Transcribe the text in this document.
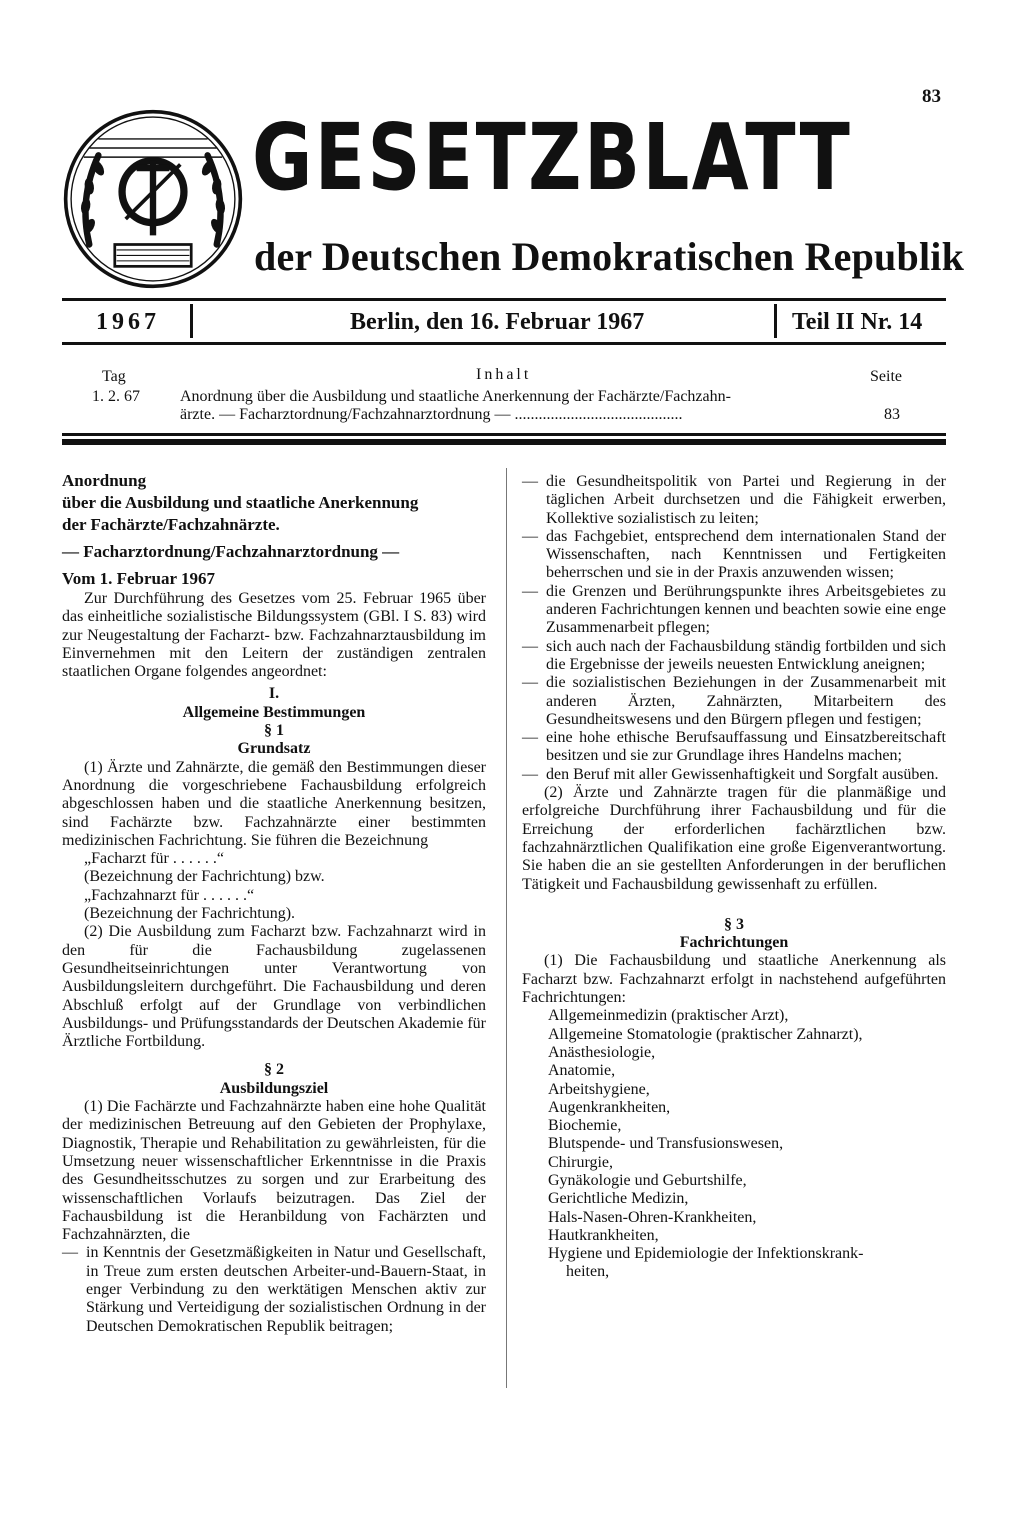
83
GESETZBLATT
der Deutschen Demokratischen Republik
1967	Berlin, den 16. Februar 1967	Teil II Nr. 14
Tag	Inhalt	Seite
1. 2. 67	Anordnung über die Ausbildung und staatliche Anerkennung der Fachärzte/Fachzahn-
ärzte. — Facharztordnung/Fachzahnarztordnung — ..........................................	83

Anordnung

über die Ausbildung und staatliche Anerkennung

der Fachärzte/Fachzahnärzte.

— Facharztordnung/Fachzahnarztordnung —

Vom 1. Februar 1967

Zur Durchführung des Gesetzes vom 25. Februar 1965 über das einheitliche sozialistische Bildungssystem (GBl. I S. 83) wird zur Neugestaltung der Facharzt- bzw. Fachzahnarztausbildung im Einvernehmen mit den Leitern der zuständigen zentralen staatlichen Organe folgendes angeordnet:

I.

Allgemeine Bestimmungen

§ 1

Grundsatz

(1) Ärzte und Zahnärzte, die gemäß den Bestimmungen dieser Anordnung die vorgeschriebene Fachausbildung erfolgreich abgeschlossen haben und die staatliche Anerkennung besitzen, sind Fachärzte bzw. Fachzahnärzte einer bestimmten medizinischen Fachrichtung. Sie führen die Bezeichnung

„Facharzt für . . . . . .“

(Bezeichnung der Fachrichtung) bzw.

„Fachzahnarzt für . . . . . .“

(Bezeichnung der Fachrichtung).

(2) Die Ausbildung zum Facharzt bzw. Fachzahnarzt wird in den für die Fachausbildung zugelassenen Gesundheitseinrichtungen unter Verantwortung von Ausbildungsleitern durchgeführt. Die Fachausbildung und deren Abschluß erfolgt auf der Grundlage von verbindlichen Ausbildungs- und Prüfungsstandards der Deutschen Akademie für Ärztliche Fortbildung.

§ 2

Ausbildungsziel

(1) Die Fachärzte und Fachzahnärzte haben eine hohe Qualität der medizinischen Betreuung auf den Gebieten der Prophylaxe, Diagnostik, Therapie und Rehabilitation zu gewährleisten, für die Umsetzung neuer wissenschaftlicher Erkenntnisse in die Praxis des Gesundheitsschutzes zu sorgen und zur Erarbeitung des wissenschaftlichen Vorlaufs beizutragen. Das Ziel der Fachausbildung ist die Heranbildung von Fachärzten und Fachzahnärzten, die

— in Kenntnis der Gesetzmäßigkeiten in Natur und Gesellschaft, in Treue zum ersten deutschen Arbeiter-und-Bauern-Staat, in enger Verbindung zu den werktätigen Menschen aktiv zur Stärkung und Verteidigung der sozialistischen Ordnung in der Deutschen Demokratischen Republik beitragen;
— die Gesundheitspolitik von Partei und Regierung in der täglichen Arbeit durchsetzen und die Fähigkeit erwerben, Kollektive sozialistisch zu leiten;
— das Fachgebiet, entsprechend dem internationalen Stand der Wissenschaften, nach Kenntnissen und Fertigkeiten beherrschen und sie in der Praxis anzuwenden wissen;
— die Grenzen und Berührungspunkte ihres Arbeitsgebietes zu anderen Fachrichtungen kennen und beachten sowie eine enge Zusammenarbeit pflegen;
— sich auch nach der Fachausbildung ständig fortbilden und sich die Ergebnisse der jeweils neuesten Entwicklung aneignen;
— die sozialistischen Beziehungen in der Zusammenarbeit mit anderen Ärzten, Zahnärzten, Mitarbeitern des Gesundheitswesens und den Bürgern pflegen und festigen;
— eine hohe ethische Berufsauffassung und Einsatzbereitschaft besitzen und sie zur Grundlage ihres Handelns machen;
— den Beruf mit aller Gewissenhaftigkeit und Sorgfalt ausüben.

(2) Ärzte und Zahnärzte tragen für die planmäßige und erfolgreiche Durchführung ihrer Fachausbildung und für die Erreichung der erforderlichen fachärztlichen bzw. fachzahnärztlichen Qualifikation eine große Eigenverantwortung. Sie haben die an sie gestellten Anforderungen in der beruflichen Tätigkeit und Fachausbildung gewissenhaft zu erfüllen.

§ 3

Fachrichtungen

(1) Die Fachausbildung und staatliche Anerkennung als Facharzt bzw. Fachzahnarzt erfolgt in nachstehend aufgeführten Fachrichtungen:

Allgemeinmedizin (praktischer Arzt),

Allgemeine Stomatologie (praktischer Zahnarzt),

Anästhesiologie,

Anatomie,

Arbeitshygiene,

Augenkrankheiten,

Biochemie,

Blutspende- und Transfusionswesen,

Chirurgie,

Gynäkologie und Geburtshilfe,

Gerichtliche Medizin,

Hals-Nasen-Ohren-Krankheiten,

Hautkrankheiten,

Hygiene und Epidemiologie der Infektionskrank-

heiten,
